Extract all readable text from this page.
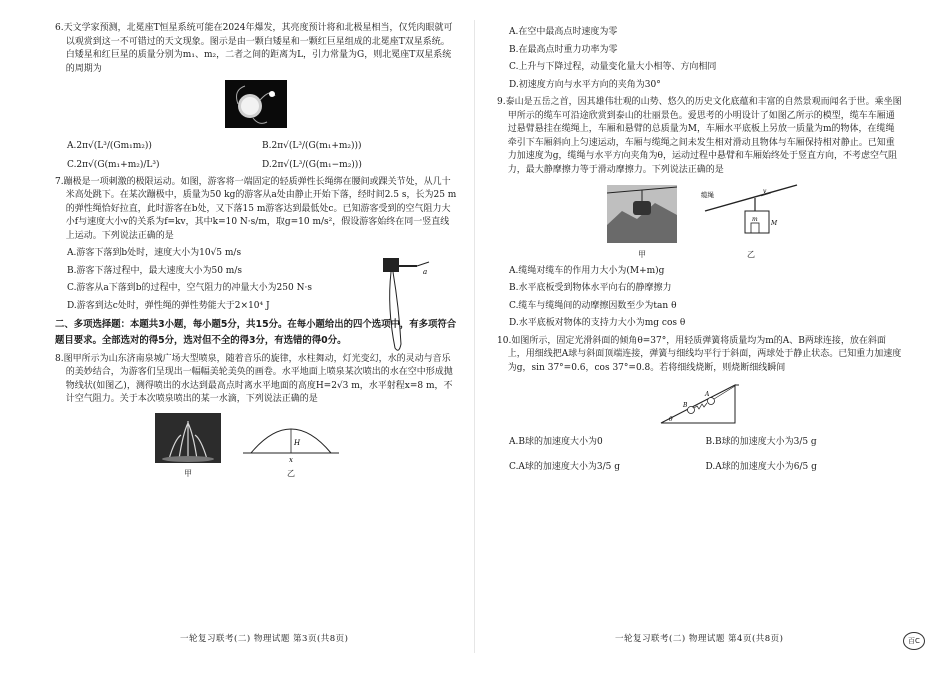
6.天文学家预测，北冕座T恒星系统可能在2024年爆发，其亮度预计将和北极星相当，仅凭肉眼就可以观赏到这一不可错过的天文现象。图示是由一颗白矮星和一颗红巨星组成的北冕座T双星系统。白矮星和红巨星的质量分别为m₁、m₂，二者之间的距离为L，引力常量为G，则北冕座T双星系统的周期为

A.2π√(L³/(Gm₁m₂))	B.2π√(L³/(G(m₁+m₂)))

C.2π√(G(m₁+m₂)/L³)	D.2π√(L³/(G(m₁−m₂)))

7.蹦极是一项刺激的极限运动。如图，游客将一端固定的轻质弹性长绳绑在腰间或踝关节处，从几十米高处跳下。在某次蹦极中，质量为50 kg的游客从a处由静止开始下落，经时间2.5 s，长为25 m的弹性绳恰好拉直，此时游客在b处，又下落15 m游客达到最低处c。已知游客受到的空气阻力大小f与速度大小v的关系为f=kv，其中k=10 N·s/m，取g=10 m/s²，假设游客始终在同一竖直线上运动。下列说法正确的是

A.游客下落到b处时，速度大小为10√5 m/s

B.游客下落过程中，最大速度大小为50 m/s

C.游客从a下落到b的过程中，空气阻力的冲量大小为250 N·s

D.游客到达c处时，弹性绳的弹性势能大于2×10⁴ J

a

二、多项选择题：本题共3小题，每小题5分，共15分。在每小题给出的四个选项中，有多项符合题目要求。全部选对的得5分，选对但不全的得3分，有选错的得0分。

8.图甲所示为山东济南泉城广场大型喷泉，随着音乐的旋律，水柱舞动，灯光变幻，水的灵动与音乐的美妙结合，为游客们呈现出一幅幅美轮美奂的画卷。水平地面上喷泉某次喷出的水在空中形成抛物线状(如图乙)，测得喷出的水达到最高点时离水平地面的高度H=2√3 m，水平射程x=8 m，不计空气阻力。关于本次喷泉喷出的某一水滴，下列说法正确的是

甲
H
x
乙
一轮复习联考(二) 物理试题 第3页(共8页)

A.在空中最高点时速度为零

B.在最高点时重力功率为零

C.上升与下降过程，动量变化量大小相等、方向相同

D.初速度方向与水平方向的夹角为30°

9.泰山是五岳之首，因其雄伟壮观的山势、悠久的历史文化底蕴和丰富的自然景观而闻名于世。乘坐图甲所示的缆车可沿途欣赏到泰山的壮丽景色。爱思考的小明设计了如图乙所示的模型，缆车车厢通过悬臂悬挂在缆绳上，车厢和悬臂的总质量为M，车厢水平底板上另放一质量为m的物体，在缆绳牵引下车厢斜向上匀速运动，车厢与缆绳之间未发生相对滑动且物体与车厢保持相对静止。已知重力加速度为g，缆绳与水平方向夹角为θ，运动过程中悬臂和车厢始终处于竖直方向，不考虑空气阻力，最大静摩擦力等于滑动摩擦力。下列说法正确的是

甲
缆绳
m
M
v
乙

A.缆绳对缆车的作用力大小为(M+m)g

B.水平底板受到物体水平向右的静摩擦力

C.缆车与缆绳间的动摩擦因数至少为tan θ

D.水平底板对物体的支持力大小为mg cos θ

10.如图所示，固定光滑斜面的倾角θ=37°，用轻质弹簧将质量均为m的A、B两球连接，放在斜面上，用细线把A球与斜面顶端连接，弹簧与细线均平行于斜面，两球处于静止状态。已知重力加速度为g，sin 37°=0.6，cos 37°=0.8。若将细线烧断，则烧断细线瞬间

B
A
θ

A.B球的加速度大小为0	B.B球的加速度大小为3/5 g

C.A球的加速度大小为3/5 g	D.A球的加速度大小为6/5 g

一轮复习联考(二) 物理试题 第4页(共8页)	百C
